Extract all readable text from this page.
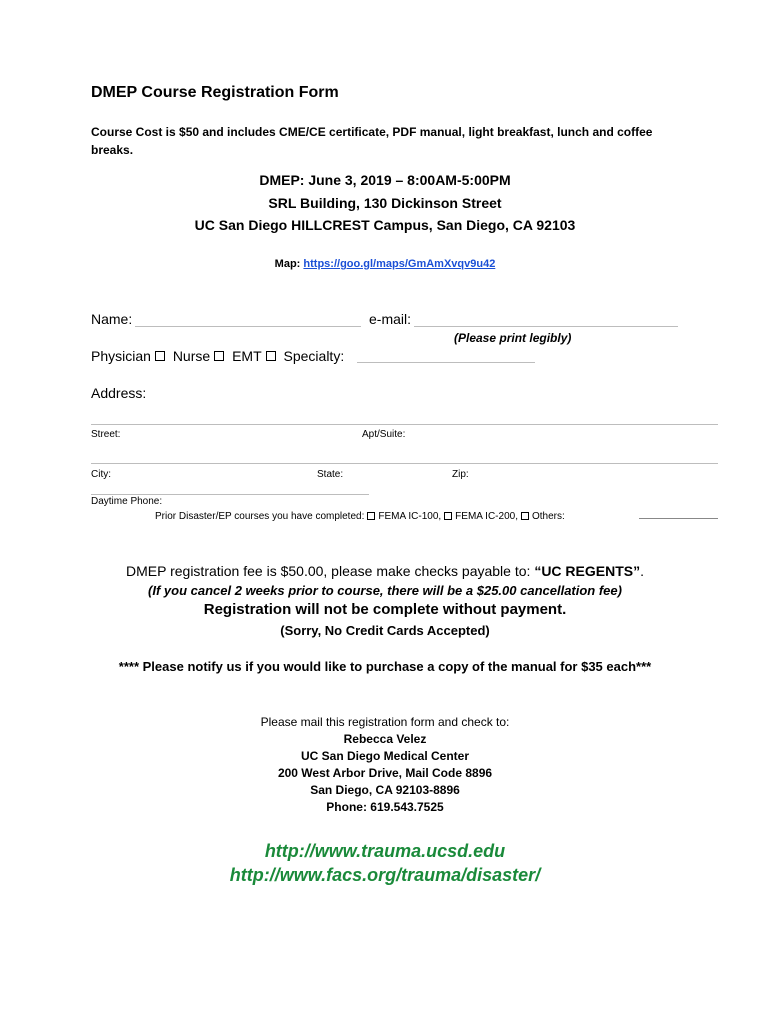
DMEP Course Registration Form
Course Cost is $50 and includes CME/CE certificate, PDF manual, light breakfast, lunch and coffee breaks.
DMEP: June 3, 2019 – 8:00AM-5:00PM
SRL Building, 130 Dickinson Street
UC San Diego HILLCREST Campus, San Diego, CA 92103
Map: https://goo.gl/maps/GmAmXvqv9u42
Name:	e-mail:
(Please print legibly)
Physician Nurse EMT Specialty:
Address:
Street:	Apt/Suite:
City:	State:	Zip:
Daytime Phone:
Prior Disaster/EP courses you have completed: FEMA IC-100, FEMA IC-200, Others:
DMEP registration fee is $50.00, please make checks payable to: “UC REGENTS”.
(If you cancel 2 weeks prior to course, there will be a $25.00 cancellation fee)
Registration will not be complete without payment.
(Sorry, No Credit Cards Accepted)
**** Please notify us if you would like to purchase a copy of the manual for $35 each***
Please mail this registration form and check to:
Rebecca Velez
UC San Diego Medical Center
200 West Arbor Drive, Mail Code 8896
San Diego, CA 92103-8896
Phone: 619.543.7525
http://www.trauma.ucsd.edu
http://www.facs.org/trauma/disaster/
